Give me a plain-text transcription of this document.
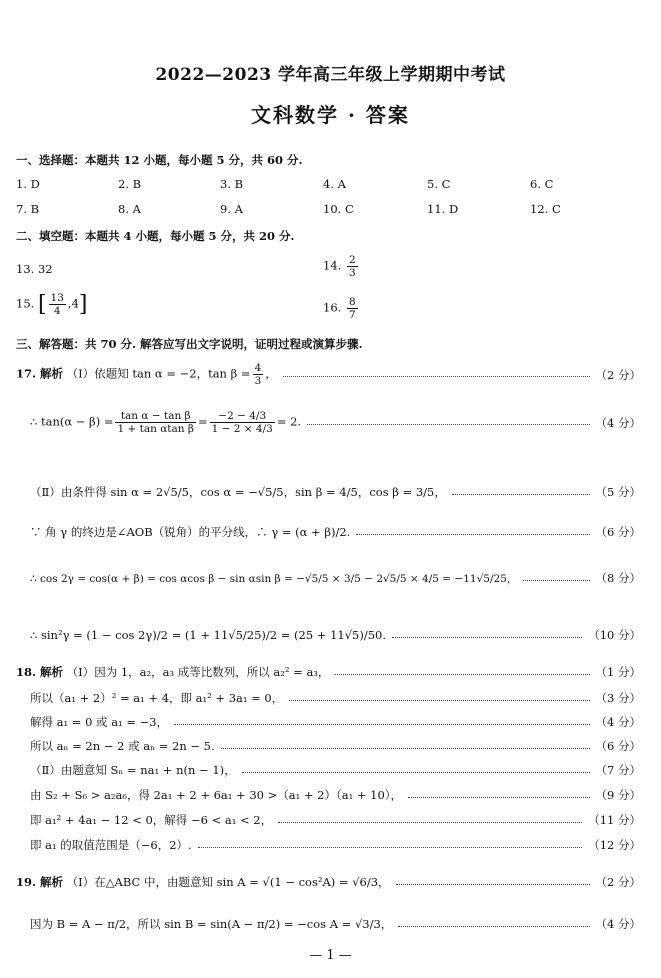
2022—2023 学年高三年级上学期期中考试
文科数学 · 答案
一、选择题：本题共 12 小题，每小题 5 分，共 60 分.
1. D	2. B	3. B	4. A	5. C	6. C
7. B	8. A	9. A	10. C	11. D	12. C
二、填空题：本题共 4 小题，每小题 5 分，共 20 分.
13. 32	14. $\frac{2}{3}$
15. [ $\frac{13}{4} ,4$]	16. $\frac{8}{7}$
三、解答题：共 70 分. 解答应写出文字说明，证明过程或演算步骤.
17. 解析 （Ⅰ）依题知 tan α = −2，$\tan \beta = \frac{4}{3}$ ，	（2 分）
∴ $\tan(\alpha - \beta) = \frac{\text{tan α − tan β}}{\text{1 + tan αtan β}} = \frac{-2 - 4/3}{1 - 2 \times 4/3} = 2$.	（4 分）
（Ⅱ）由条件得 sin α = 2√5/5，cos α = −√5/5，sin β = 4/5，cos β = 3/5，	（5 分）
∵ 角 γ 的终边是∠AOB（锐角）的平分线，∴ γ = (α + β)/2.	（6 分）
∴ cos 2γ = cos(α + β) = cos αcos β − sin αsin β = −√5/5 × 3/5 − 2√5/5 × 4/5 = −11√5/25，	（8 分）
∴ sin²γ = (1 − cos 2γ)/2 = (1 + 11√5/25)/2 = (25 + 11√5)/50.	（10 分）
18. 解析 （Ⅰ）因为 1，a₂，a₃ 成等比数列，所以 a₂² = a₃，	（1 分）
所以（a₁ + 2）² = a₁ + 4，即 a₁² + 3a₁ = 0，	（3 分）
解得 a₁ = 0 或 a₁ = −3，	（4 分）
所以 aₙ = 2n − 2 或 aₙ = 2n − 5.	（6 分）
（Ⅱ）由题意知 Sₙ = na₁ + n(n − 1)，	（7 分）
由 S₂ + S₆ > a₂a₆，得 2a₁ + 2 + 6a₁ + 30 >（a₁ + 2）（a₁ + 10），	（9 分）
即 a₁² + 4a₁ − 12 < 0，解得 −6 < a₁ < 2，	（11 分）
即 a₁ 的取值范围是（−6，2）.	（12 分）
19. 解析 （Ⅰ）在△ABC 中，由题意知 sin A = √(1 − cos²A) = √6/3，	（2 分）
因为 B = A − π/2，所以 sin B = sin(A − π/2) = −cos A = √3/3，	（4 分）
— 1 —
